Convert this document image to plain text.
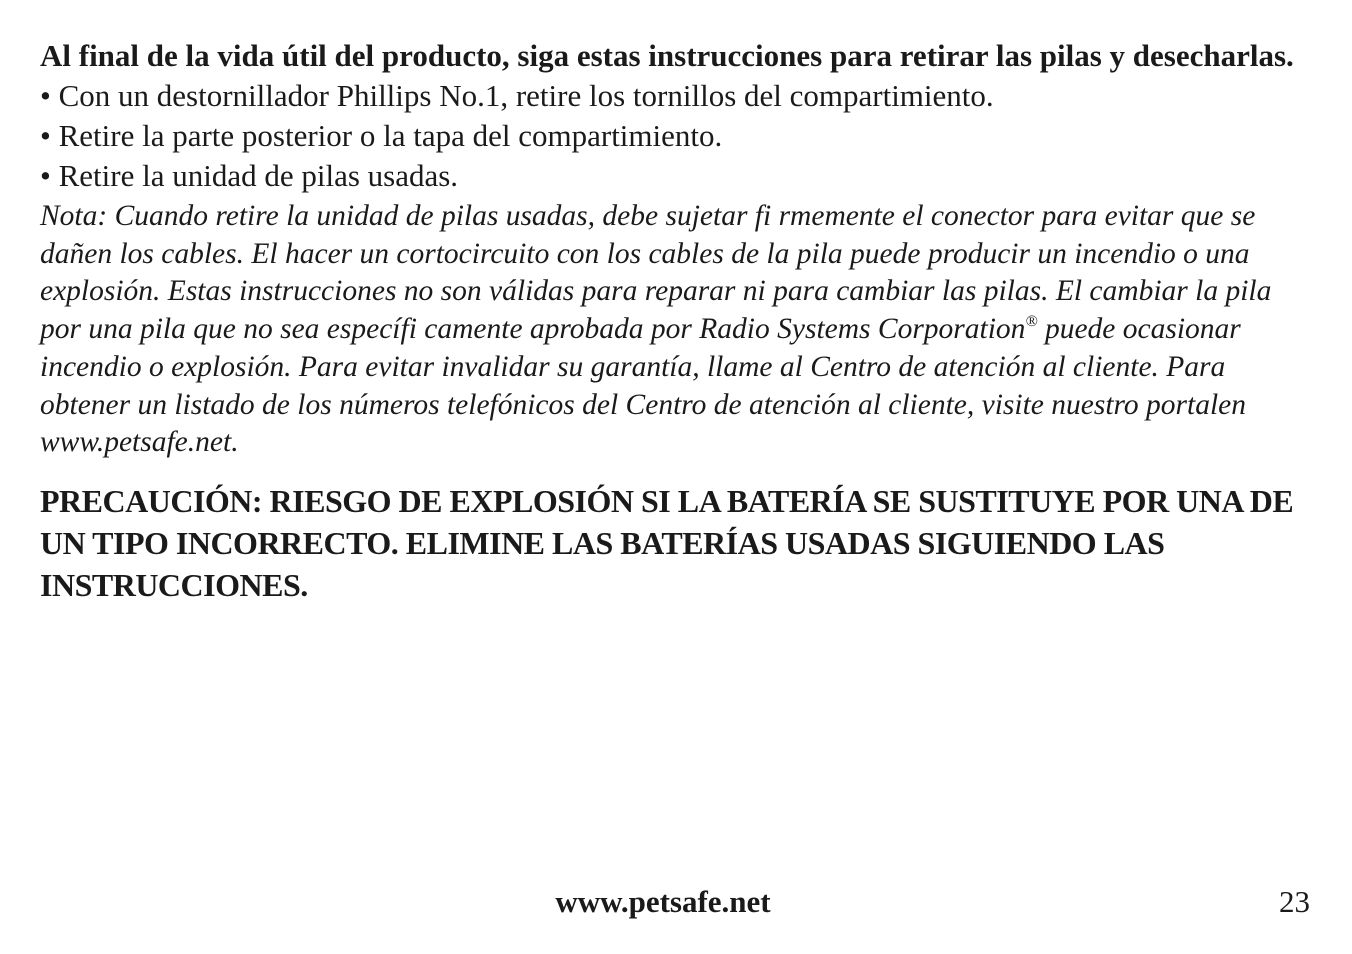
Al final de la vida útil del producto, siga estas instrucciones para retirar las pilas y desecharlas.

• Con un destornillador Phillips No.1, retire los tornillos del compartimiento.
• Retire la parte posterior o la tapa del compartimiento.
• Retire la unidad de pilas usadas.

Nota: Cuando retire la unidad de pilas usadas, debe sujetar fi rmemente el conector para evitar que se dañen los cables. El hacer un cortocircuito con los cables de la pila puede producir un incendio o una explosión. Estas instrucciones no son válidas para reparar ni para cambiar las pilas. El cambiar la pila por una pila que no sea específi camente aprobada por Radio Systems Corporation® puede ocasionar incendio o explosión. Para evitar invalidar su garantía, llame al Centro de atención al cliente. Para obtener un listado de los números telefónicos del Centro de atención al cliente, visite nuestro portalen www.petsafe.net.

PRECAUCIÓN: RIESGO DE EXPLOSIÓN SI LA BATERÍA SE SUSTITUYE POR UNA DE UN TIPO INCORRECTO. ELIMINE LAS BATERÍAS USADAS SIGUIENDO LAS INSTRUCCIONES.

www.petsafe.net	23
